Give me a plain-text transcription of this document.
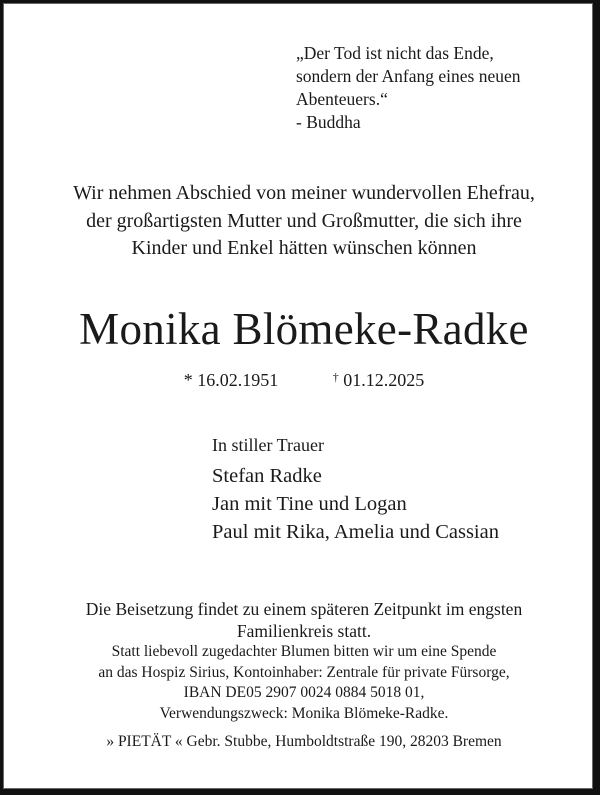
„Der Tod ist nicht das Ende,
sondern der Anfang eines neuen
Abenteuers.“
- Buddha
Wir nehmen Abschied von meiner wundervollen Ehefrau,
der großartigsten Mutter und Großmutter, die sich ihre
Kinder und Enkel hätten wünschen können
Monika Blömeke-Radke
* 16.02.1951	† 01.12.2025
In stiller Trauer
Stefan Radke
Jan mit Tine und Logan
Paul mit Rika, Amelia und Cassian
Die Beisetzung findet zu einem späteren Zeitpunkt im engsten
Familienkreis statt.
Statt liebevoll zugedachter Blumen bitten wir um eine Spende
an das Hospiz Sirius, Kontoinhaber: Zentrale für private Fürsorge,
IBAN DE05 2907 0024 0884 5018 01,
Verwendungszweck: Monika Blömeke-Radke.
» PIETÄT « Gebr. Stubbe, Humboldtstraße 190, 28203 Bremen
